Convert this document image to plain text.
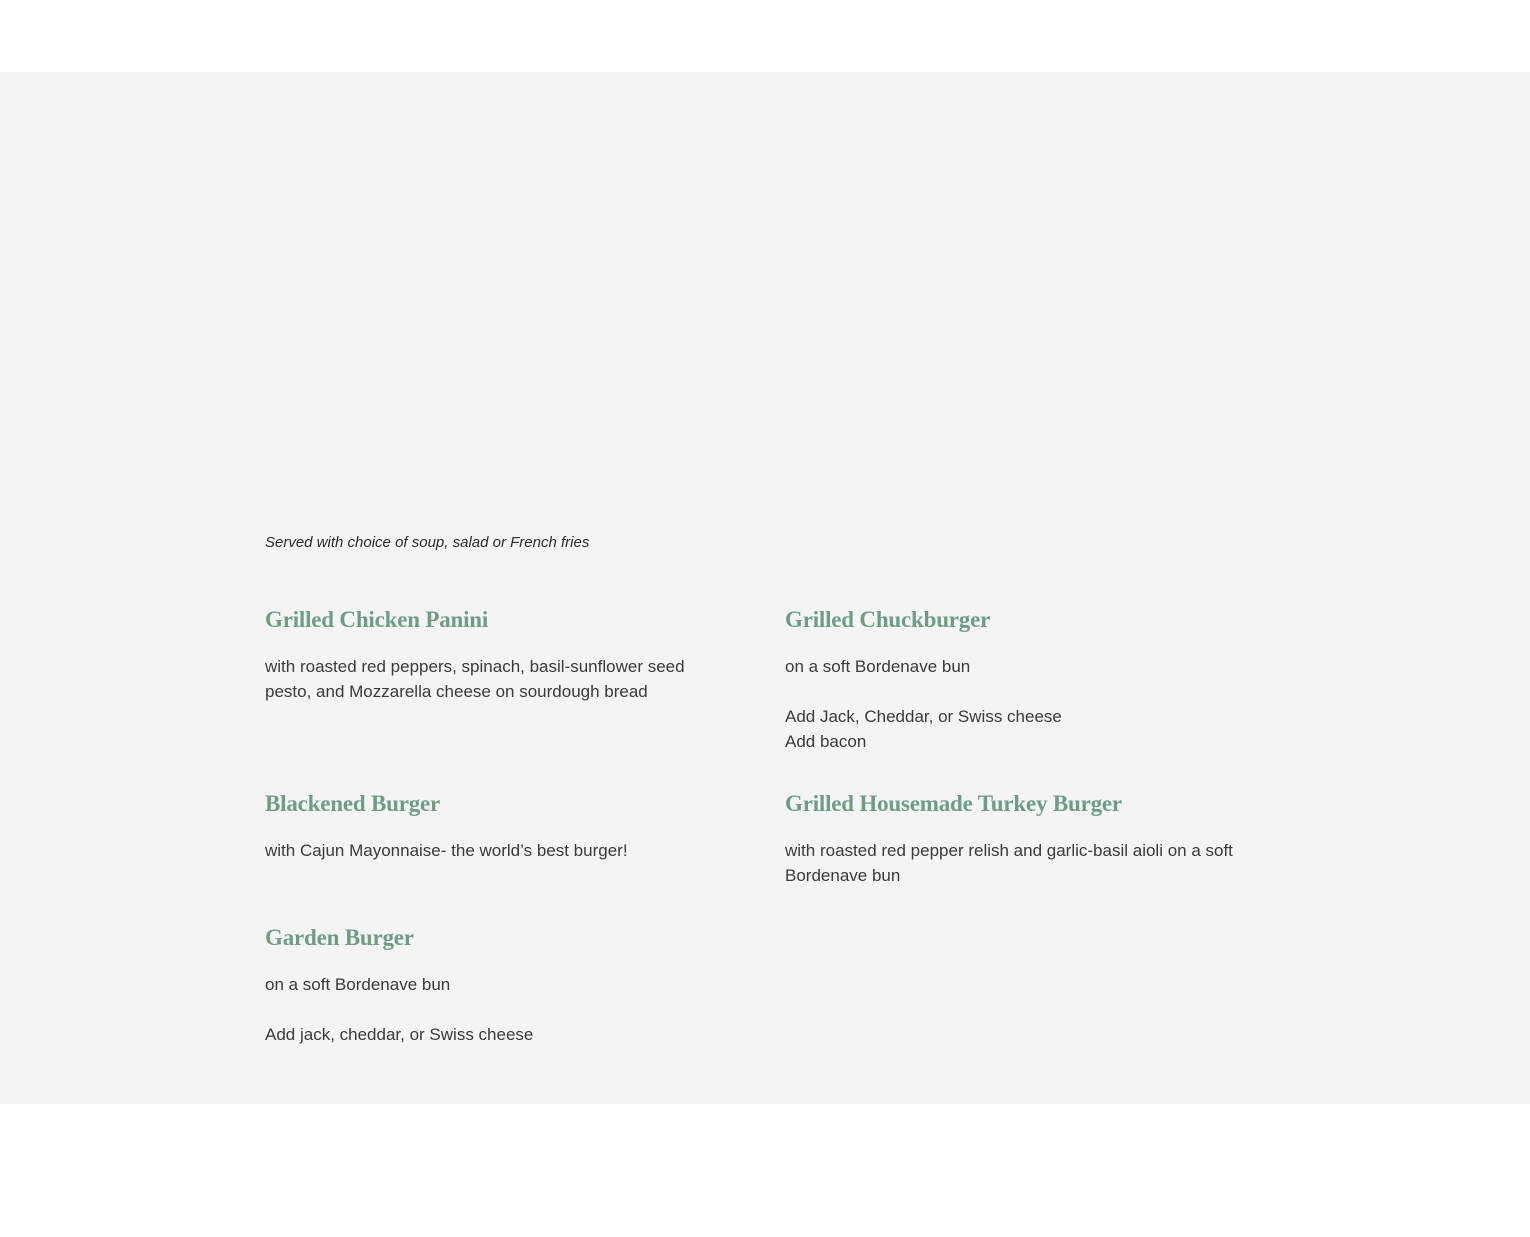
Served with choice of soup, salad or French fries

Grilled Chicken Panini

with roasted red peppers, spinach, basil-sunflower seed pesto, and Mozzarella cheese on sourdough bread

Grilled Chuckburger

on a soft Bordenave bun

Add Jack, Cheddar, or Swiss cheese

Add bacon

Blackened Burger

with Cajun Mayonnaise- the world’s best burger!

Grilled Housemade Turkey Burger

with roasted red pepper relish and garlic-basil aioli on a soft Bordenave bun

Garden Burger

on a soft Bordenave bun

Add jack, cheddar, or Swiss cheese
